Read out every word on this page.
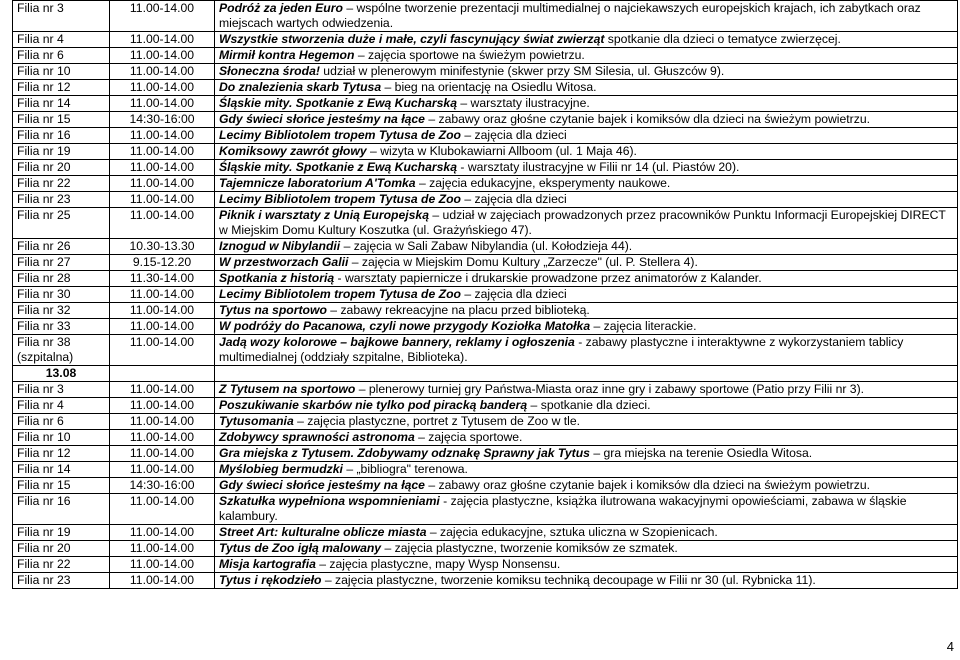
Filia nr 3	11.00-14.00	Podróż za jeden Euro – wspólne tworzenie prezentacji multimedialnej o najciekawszych europejskich krajach, ich zabytkach oraz miejscach wartych odwiedzenia.
Filia nr 4	11.00-14.00	Wszystkie stworzenia duże i małe, czyli fascynujący świat zwierząt spotkanie dla dzieci o tematyce zwierzęcej.
Filia nr 6	11.00-14.00	Mirmił kontra Hegemon – zajęcia sportowe na świeżym powietrzu.
Filia nr 10	11.00-14.00	Słoneczna środa! udział w plenerowym minifestynie (skwer przy SM Silesia, ul. Głuszców 9).
Filia nr 12	11.00-14.00	Do znalezienia skarb Tytusa – bieg na orientację na Osiedlu Witosa.
Filia nr 14	11.00-14.00	Śląskie mity. Spotkanie z Ewą Kucharską – warsztaty ilustracyjne.
Filia nr 15	14:30-16:00	Gdy świeci słońce jesteśmy na łące – zabawy oraz głośne czytanie bajek i komiksów dla dzieci na świeżym powietrzu.
Filia nr 16	11.00-14.00	Lecimy Bibliotolem tropem Tytusa de Zoo – zajęcia dla dzieci
Filia nr 19	11.00-14.00	Komiksowy zawrót głowy – wizyta w Klubokawiarni Allboom (ul. 1 Maja 46).
Filia nr 20	11.00-14.00	Śląskie mity. Spotkanie z Ewą Kucharską - warsztaty ilustracyjne w Filii nr 14 (ul. Piastów 20).
Filia nr 22	11.00-14.00	Tajemnicze laboratorium A'Tomka – zajęcia edukacyjne, eksperymenty naukowe.
Filia nr 23	11.00-14.00	Lecimy Bibliotolem tropem Tytusa de Zoo – zajęcia dla dzieci
Filia nr 25	11.00-14.00	Piknik i warsztaty z Unią Europejską – udział w zajęciach prowadzonych przez pracowników Punktu Informacji Europejskiej DIRECT w Miejskim Domu Kultury Koszutka (ul. Grażyńskiego 47).
Filia nr 26	10.30-13.30	Iznogud w Nibylandii – zajęcia w Sali Zabaw Nibylandia (ul. Kołodzieja 44).
Filia nr 27	9.15-12.20	W przestworzach Galii – zajęcia w Miejskim Domu Kultury „Zarzecze" (ul. P. Stellera 4).
Filia nr 28	11.30-14.00	Spotkania z historią - warsztaty papiernicze i drukarskie prowadzone przez animatorów z Kalander.
Filia nr 30	11.00-14.00	Lecimy Bibliotolem tropem Tytusa de Zoo – zajęcia dla dzieci
Filia nr 32	11.00-14.00	Tytus na sportowo – zabawy rekreacyjne na placu przed biblioteką.
Filia nr 33	11.00-14.00	W podróży do Pacanowa, czyli nowe przygody Koziołka Matołka – zajęcia literackie.
Filia nr 38 (szpitalna)	11.00-14.00	Jadą wozy kolorowe – bajkowe bannery, reklamy i ogłoszenia - zabawy plastyczne i interaktywne z wykorzystaniem tablicy multimedialnej (oddziały szpitalne, Biblioteka).
13.08		
Filia nr 3	11.00-14.00	Z Tytusem na sportowo – plenerowy turniej gry Państwa-Miasta oraz inne gry i zabawy sportowe (Patio przy Filii nr 3).
Filia nr 4	11.00-14.00	Poszukiwanie skarbów nie tylko pod piracką banderą – spotkanie dla dzieci.
Filia nr 6	11.00-14.00	Tytusomania – zajęcia plastyczne, portret z Tytusem de Zoo w tle.
Filia nr 10	11.00-14.00	Zdobywcy sprawności astronoma – zajęcia sportowe.
Filia nr 12	11.00-14.00	Gra miejska z Tytusem. Zdobywamy odznakę Sprawny jak Tytus – gra miejska na terenie Osiedla Witosa.
Filia nr 14	11.00-14.00	Myślobieg bermudzki – „bibliogra" terenowa.
Filia nr 15	14:30-16:00	Gdy świeci słońce jesteśmy na łące – zabawy oraz głośne czytanie bajek i komiksów dla dzieci na świeżym powietrzu.
Filia nr 16	11.00-14.00	Szkatułka wypełniona wspomnieniami - zajęcia plastyczne, książka ilutrowana wakacyjnymi opowieściami, zabawa w śląskie kalambury.
Filia nr 19	11.00-14.00	Street Art: kulturalne oblicze miasta – zajęcia edukacyjne, sztuka uliczna w Szopienicach.
Filia nr 20	11.00-14.00	Tytus de Zoo igłą malowany – zajęcia plastyczne, tworzenie komiksów ze szmatek.
Filia nr 22	11.00-14.00	Misja kartografia – zajęcia plastyczne, mapy Wysp Nonsensu.
Filia nr 23	11.00-14.00	Tytus i rękodzieło – zajęcia plastyczne, tworzenie komiksu techniką decoupage w Filii nr 30 (ul. Rybnicka 11).
4
